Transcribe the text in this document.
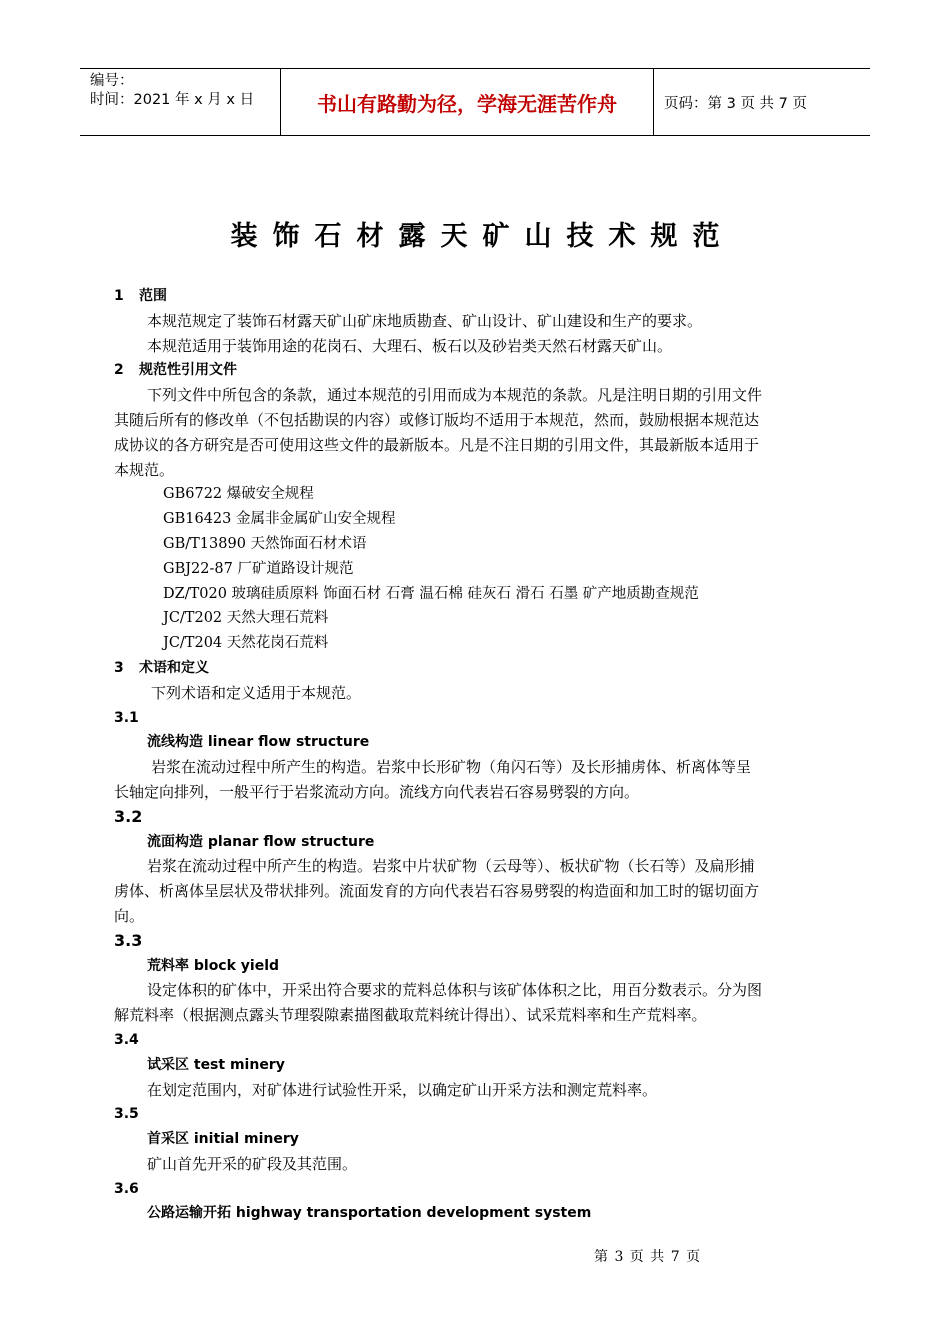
编号：
时间：2021 年 x 月 x 日	书山有路勤为径，学海无涯苦作舟	页码：第 3 页 共 7 页
装饰石材露天矿山技术规范
1 范围
本规范规定了装饰石材露天矿山矿床地质勘查、矿山设计、矿山建设和生产的要求。
本规范适用于装饰用途的花岗石、大理石、板石以及砂岩类天然石材露天矿山。
2 规范性引用文件
下列文件中所包含的条款，通过本规范的引用而成为本规范的条款。凡是注明日期的引用文件
其随后所有的修改单（不包括勘误的内容）或修订版均不适用于本规范，然而，鼓励根据本规范达
成协议的各方研究是否可使用这些文件的最新版本。凡是不注日期的引用文件，其最新版本适用于
本规范。
GB6722 爆破安全规程
GB16423 金属非金属矿山安全规程
GB/T13890 天然饰面石材术语
GBJ22-87 厂矿道路设计规范
DZ/T020 玻璃硅质原料 饰面石材 石膏 温石棉 硅灰石 滑石 石墨 矿产地质勘查规范
JC/T202 天然大理石荒料
JC/T204 天然花岗石荒料
3 术语和定义
下列术语和定义适用于本规范。
3.1
流线构造 linear flow structure
岩浆在流动过程中所产生的构造。岩浆中长形矿物（角闪石等）及长形捕虏体、析离体等呈
长轴定向排列，一般平行于岩浆流动方向。流线方向代表岩石容易劈裂的方向。
3.2
流面构造 planar flow structure
岩浆在流动过程中所产生的构造。岩浆中片状矿物（云母等）、板状矿物（长石等）及扁形捕
虏体、析离体呈层状及带状排列。流面发育的方向代表岩石容易劈裂的构造面和加工时的锯切面方
向。
3.3
荒料率 block yield
设定体积的矿体中，开采出符合要求的荒料总体积与该矿体体积之比，用百分数表示。分为图
解荒料率（根据测点露头节理裂隙素描图截取荒料统计得出）、试采荒料率和生产荒料率。
3.4
试采区 test minery
在划定范围内，对矿体进行试验性开采，以确定矿山开采方法和测定荒料率。
3.5
首采区 initial minery
矿山首先开采的矿段及其范围。
3.6
公路运输开拓 highway transportation development system
第 3 页 共 7 页
